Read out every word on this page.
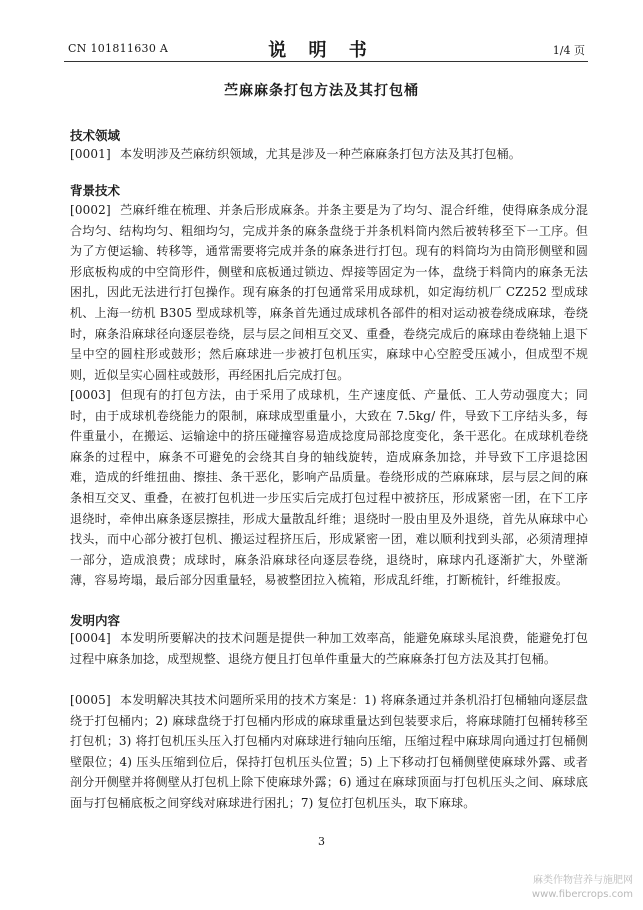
CN 101811630 A	说 明 书	1/4 页
苎麻麻条打包方法及其打包桶
技术领域
[0001] 本发明涉及苎麻纺织领域，尤其是涉及一种苎麻麻条打包方法及其打包桶。
背景技术
[0002] 苎麻纤维在梳理、并条后形成麻条。并条主要是为了均匀、混合纤维，使得麻条成分混合均匀、结构均匀、粗细均匀，完成并条的麻条盘绕于并条机料筒内然后被转移至下一工序。但为了方便运输、转移等，通常需要将完成并条的麻条进行打包。现有的料筒均为由筒形侧壁和圆形底板构成的中空筒形件，侧壁和底板通过锁边、焊接等固定为一体，盘绕于料筒内的麻条无法困扎，因此无法进行打包操作。现有麻条的打包通常采用成球机，如定海纺机厂 CZ252 型成球机、上海一纺机 B305 型成球机等，麻条首先通过成球机各部件的相对运动被卷绕成麻球，卷绕时，麻条沿麻球径向逐层卷绕，层与层之间相互交叉、重叠，卷绕完成后的麻球由卷绕轴上退下呈中空的圆柱形或鼓形；然后麻球进一步被打包机压实，麻球中心空腔受压减小，但成型不规则，近似呈实心圆柱或鼓形，再经困扎后完成打包。
[0003] 但现有的打包方法，由于采用了成球机，生产速度低、产量低、工人劳动强度大；同时，由于成球机卷绕能力的限制，麻球成型重量小，大致在 7.5kg/ 件，导致下工序结头多，每件重量小，在搬运、运输途中的挤压碰撞容易造成捻度局部捻度变化，条干恶化。在成球机卷绕麻条的过程中，麻条不可避免的会绕其自身的轴线旋转，造成麻条加捻，并导致下工序退捻困难，造成的纤维扭曲、擦挂、条干恶化，影响产品质量。卷绕形成的苎麻麻球，层与层之间的麻条相互交叉、重叠，在被打包机进一步压实后完成打包过程中被挤压，形成紧密一团，在下工序退绕时，牵伸出麻条逐层擦挂，形成大量散乱纤维；退绕时一股由里及外退绕，首先从麻球中心找头，而中心部分被打包机、搬运过程挤压后，形成紧密一团，难以顺利找到头部，必须清理掉一部分，造成浪费；成球时，麻条沿麻球径向逐层卷绕，退绕时，麻球内孔逐渐扩大，外壁渐薄，容易垮塌，最后部分因重量轻，易被整团拉入梳箱，形成乱纤维，打断梳针，纤维报废。
发明内容
[0004] 本发明所要解决的技术问题是提供一种加工效率高，能避免麻球头尾浪费，能避免打包过程中麻条加捻，成型规整、退绕方便且打包单件重量大的苎麻麻条打包方法及其打包桶。
[0005] 本发明解决其技术问题所采用的技术方案是：1) 将麻条通过并条机沿打包桶轴向逐层盘绕于打包桶内；2) 麻球盘绕于打包桶内形成的麻球重量达到包装要求后，将麻球随打包桶转移至打包机；3) 将打包机压头压入打包桶内对麻球进行轴向压缩，压缩过程中麻球周向通过打包桶侧壁限位；4) 压头压缩到位后，保持打包机压头位置；5) 上下移动打包桶侧壁使麻球外露、或者剖分开侧壁并将侧壁从打包机上除下使麻球外露；6) 通过在麻球顶面与打包机压头之间、麻球底面与打包桶底板之间穿线对麻球进行困扎；7) 复位打包机压头，取下麻球。
3
麻类作物营养与施肥网
www.fibercrops.com
